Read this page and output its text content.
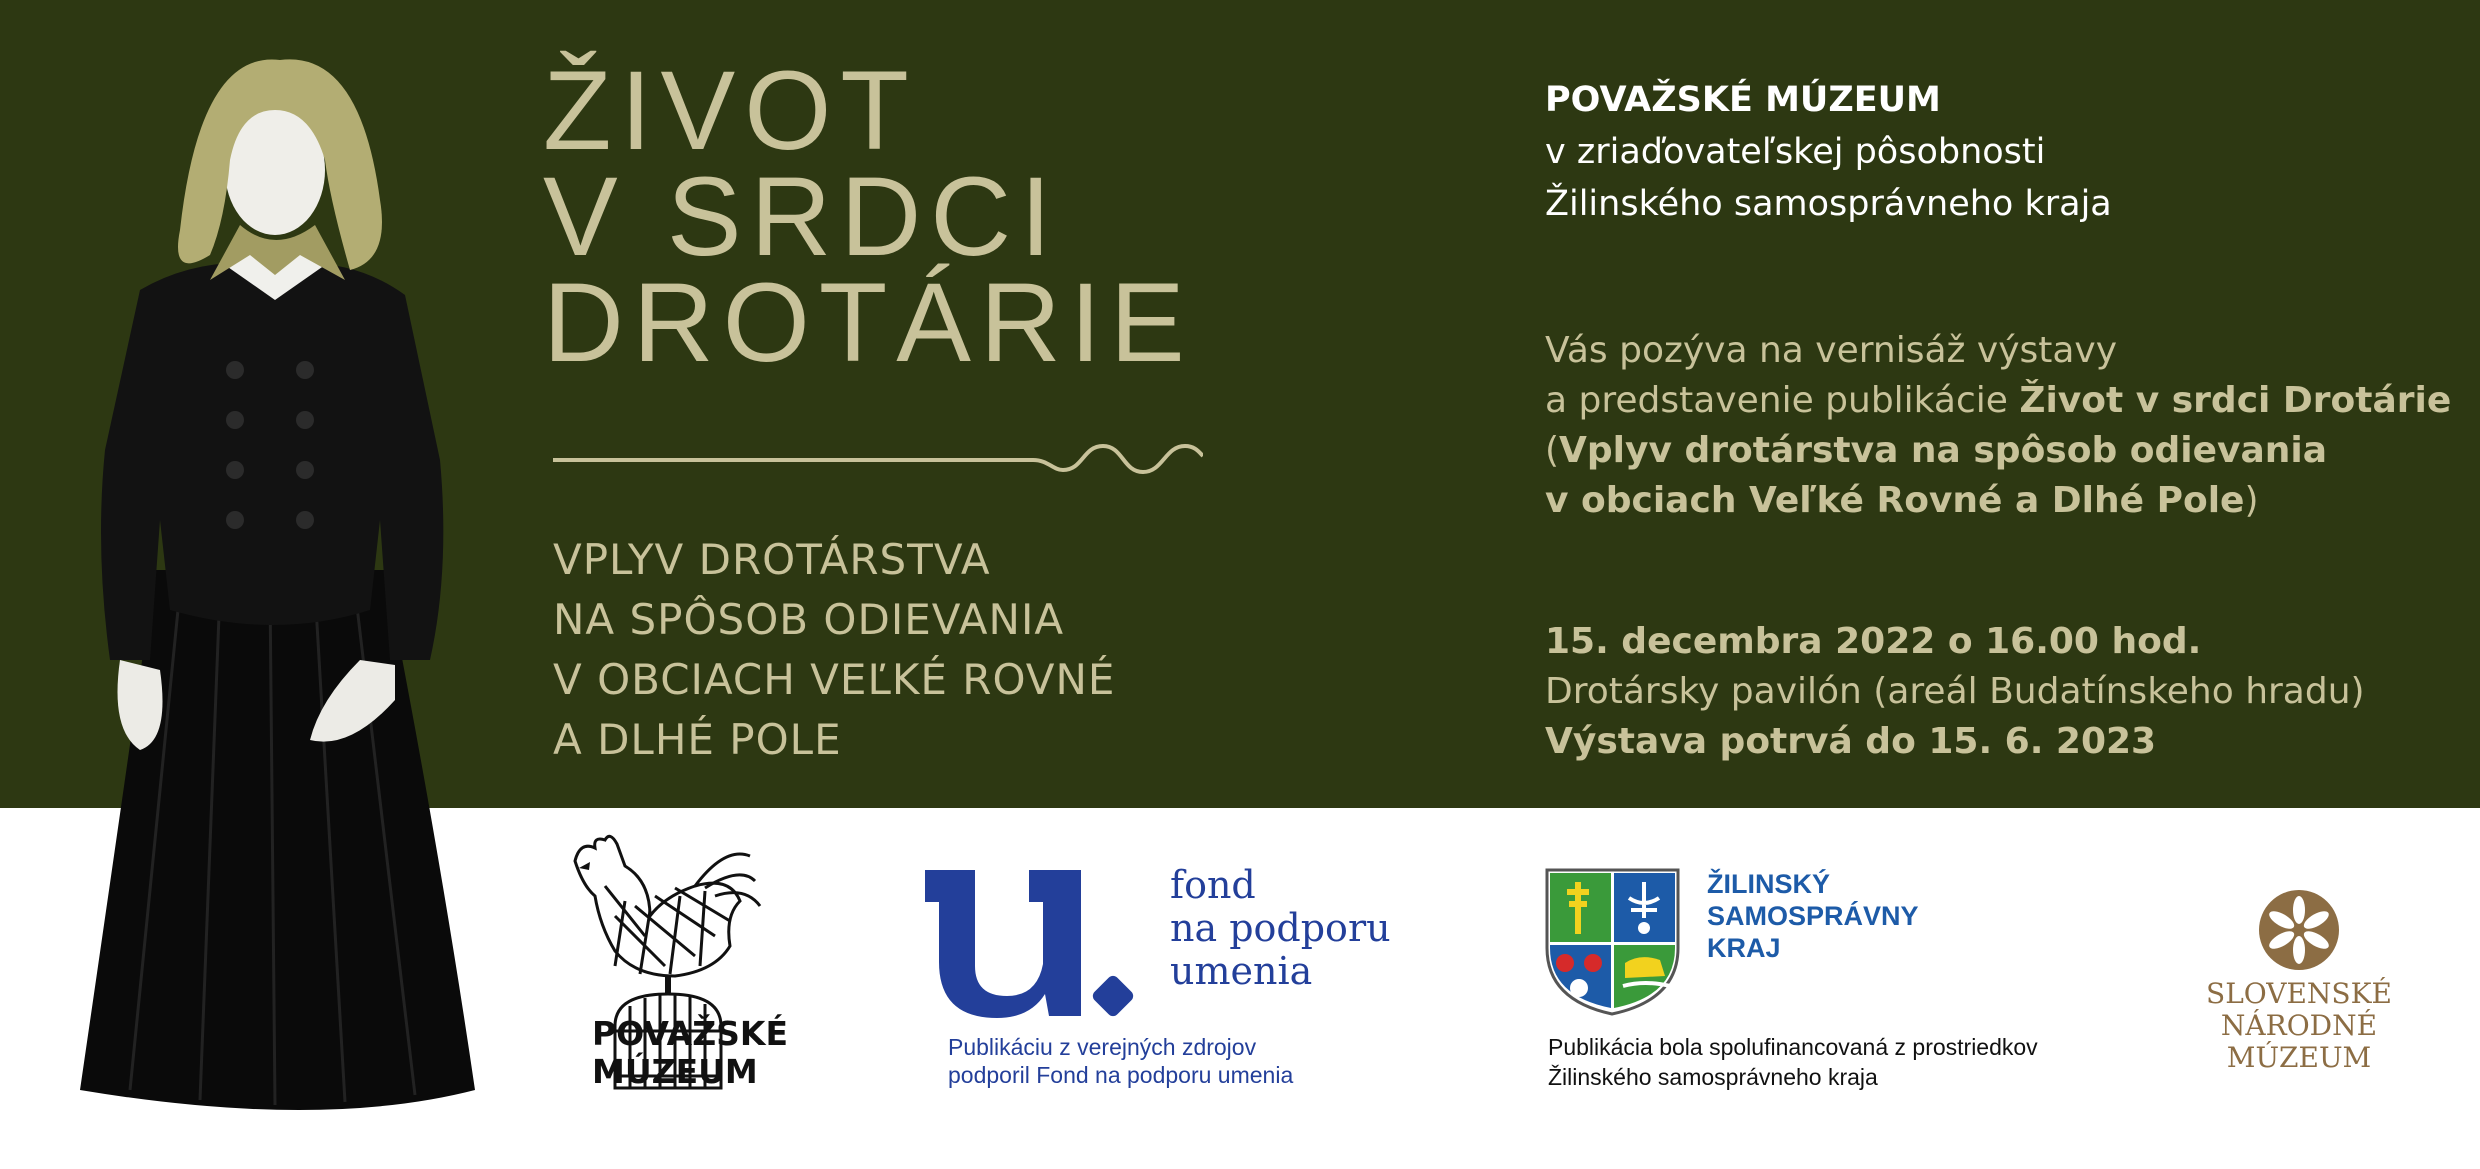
ŽIVOT
V SRDCI
DROTÁRIE
VPLYV DROTÁRSTVA
NA SPÔSOB ODIEVANIA
V OBCIACH VEĽKÉ ROVNÉ
A DLHÉ POLE
POVAŽSKÉ MÚZEUM
v zriaďovateľskej pôsobnosti
Žilinského samosprávneho kraja
Vás pozýva na vernisáž výstavy
a predstavenie publikácie Život v srdci Drotárie
(Vplyv drotárstva na spôsob odievania
v obciach Veľké Rovné a Dlhé Pole)
15. decembra 2022 o 16.00 hod.
Drotársky pavilón (areál Budatínskeho hradu)
Výstava potrvá do 15. 6. 2023
POVAŽSKÉ
MÚZEUM
fond
na podporu
umenia
Publikáciu z verejných zdrojov
podporil Fond na podporu umenia
ŽILINSKÝ
SAMOSPRÁVNY
KRAJ
Publikácia bola spolufinancovaná z prostriedkov
Žilinského samosprávneho kraja
SLOVENSKÉ
NÁRODNÉ
MÚZEUM
